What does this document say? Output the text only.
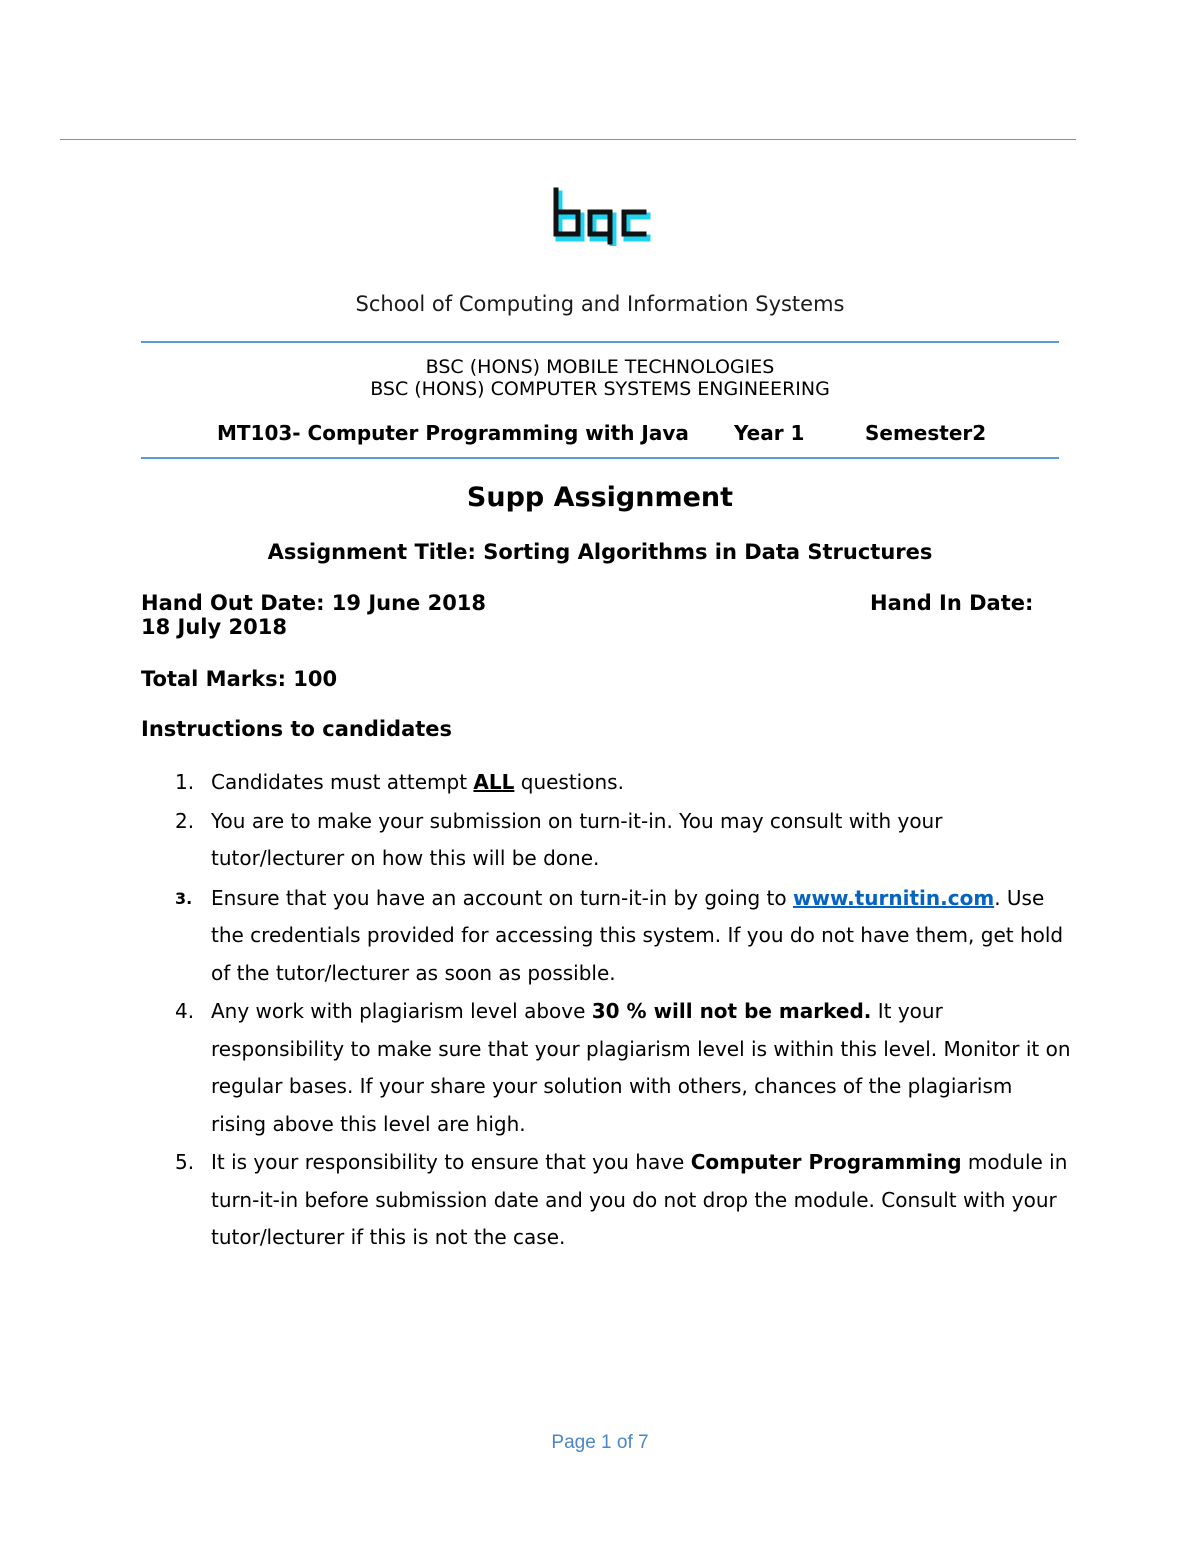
School of Computing and Information Systems
BSC (HONS) MOBILE TECHNOLOGIES
BSC (HONS) COMPUTER SYSTEMS ENGINEERING
MT103- Computer Programming with Java Year 1	Semester2
Supp Assignment
Assignment Title: Sorting Algorithms in Data Structures
Hand Out Date: 19 June 2018	Hand In Date:
18 July 2018
Total Marks: 100
Instructions to candidates
1. Candidates must attempt ALL questions.
2. You are to make your submission on turn-it-in. You may consult with your tutor/lecturer on how this will be done.
3. Ensure that you have an account on turn-it-in by going to www.turnitin.com. Use the credentials provided for accessing this system. If you do not have them, get hold of the tutor/lecturer as soon as possible.
4. Any work with plagiarism level above 30 % will not be marked. It your responsibility to make sure that your plagiarism level is within this level. Monitor it on regular bases. If your share your solution with others, chances of the plagiarism rising above this level are high.
5. It is your responsibility to ensure that you have Computer Programming module in turn-it-in before submission date and you do not drop the module. Consult with your tutor/lecturer if this is not the case.
Page 1 of 7
